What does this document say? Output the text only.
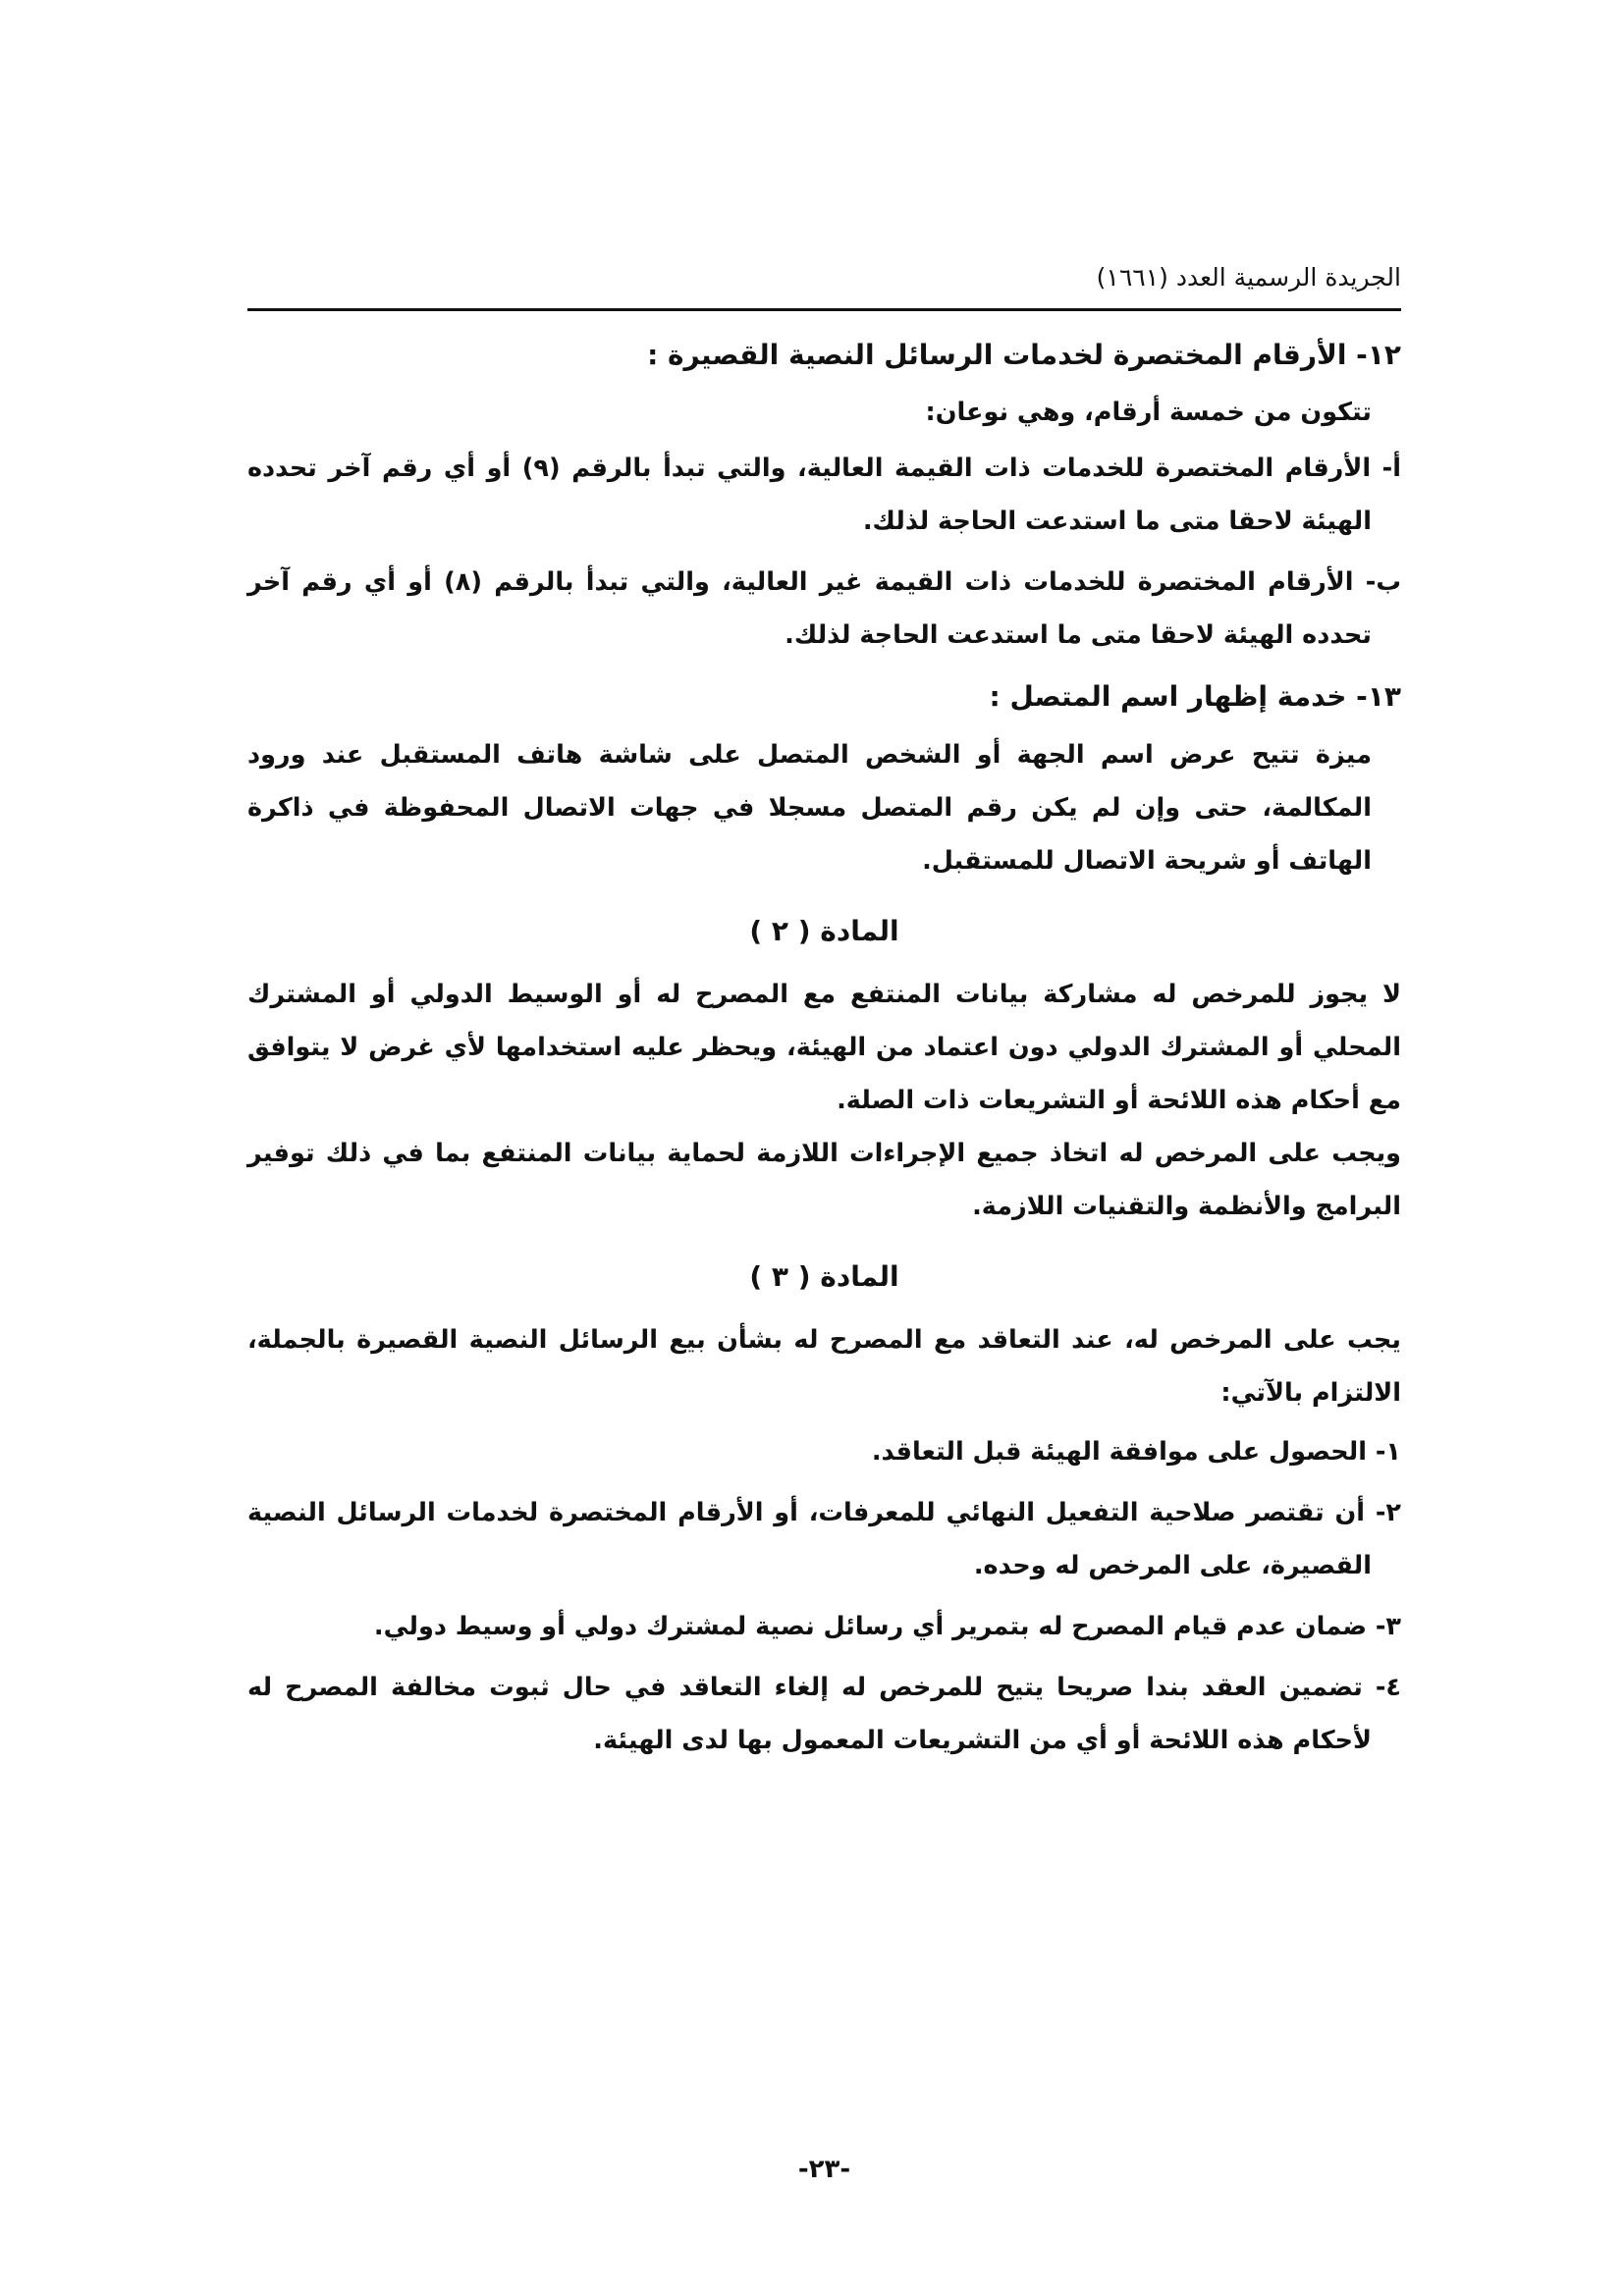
الجريدة الرسمية العدد (١٦٦١)

١٢- الأرقام المختصرة لخدمات الرسائل النصية القصيرة :

تتكون من خمسة أرقام، وهي نوعان:

أ- الأرقام المختصرة للخدمات ذات القيمة العالية، والتي تبدأ بالرقم (٩) أو أي رقم آخر تحدده الهيئة لاحقا متى ما استدعت الحاجة لذلك.

ب- الأرقام المختصرة للخدمات ذات القيمة غير العالية، والتي تبدأ بالرقم (٨) أو أي رقم آخر تحدده الهيئة لاحقا متى ما استدعت الحاجة لذلك.

١٣- خدمة إظهار اسم المتصل :

ميزة تتيح عرض اسم الجهة أو الشخص المتصل على شاشة هاتف المستقبل عند ورود المكالمة، حتى وإن لم يكن رقم المتصل مسجلا في جهات الاتصال المحفوظة في ذاكرة الهاتف أو شريحة الاتصال للمستقبل.

المادة ( ٢ )

لا يجوز للمرخص له مشاركة بيانات المنتفع مع المصرح له أو الوسيط الدولي أو المشترك المحلي أو المشترك الدولي دون اعتماد من الهيئة، ويحظر عليه استخدامها لأي غرض لا يتوافق مع أحكام هذه اللائحة أو التشريعات ذات الصلة.

ويجب على المرخص له اتخاذ جميع الإجراءات اللازمة لحماية بيانات المنتفع بما في ذلك توفير البرامج والأنظمة والتقنيات اللازمة.

المادة ( ٣ )

يجب على المرخص له، عند التعاقد مع المصرح له بشأن بيع الرسائل النصية القصيرة بالجملة، الالتزام بالآتي:

١- الحصول على موافقة الهيئة قبل التعاقد.

٢- أن تقتصر صلاحية التفعيل النهائي للمعرفات، أو الأرقام المختصرة لخدمات الرسائل النصية القصيرة، على المرخص له وحده.

٣- ضمان عدم قيام المصرح له بتمرير أي رسائل نصية لمشترك دولي أو وسيط دولي.

٤- تضمين العقد بندا صريحا يتيح للمرخص له إلغاء التعاقد في حال ثبوت مخالفة المصرح له لأحكام هذه اللائحة أو أي من التشريعات المعمول بها لدى الهيئة.

-٢٣-
